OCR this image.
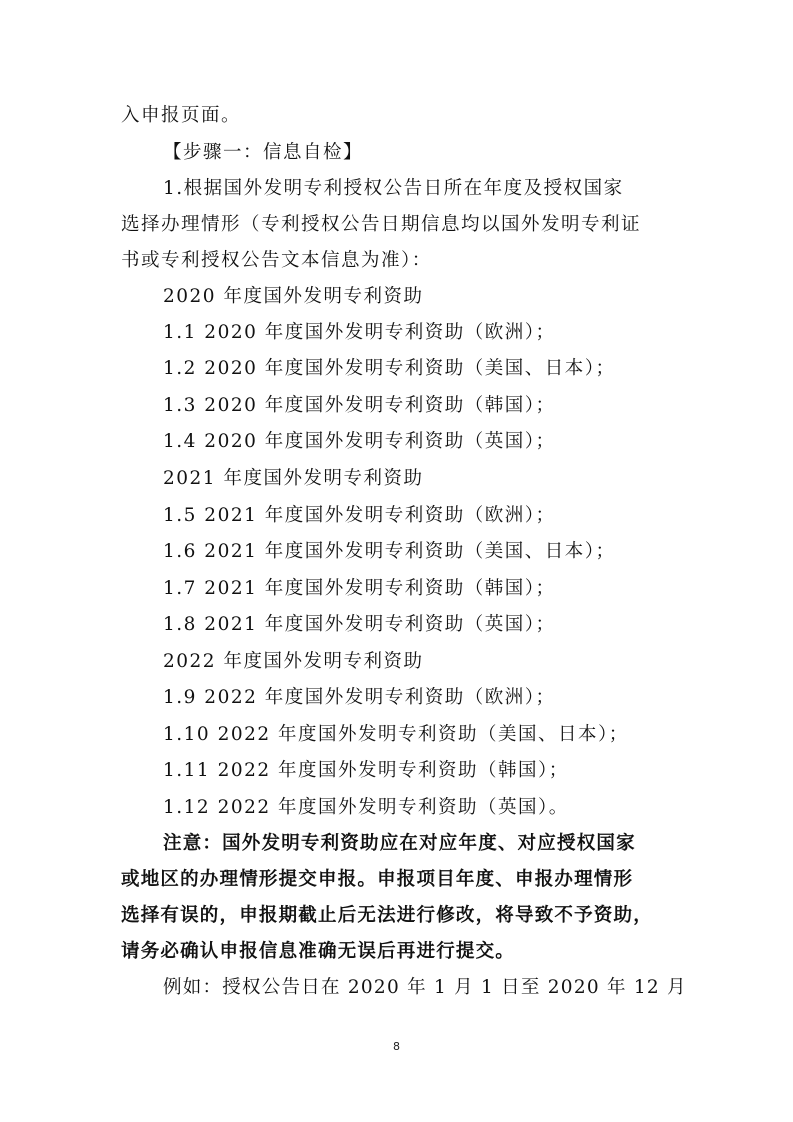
入申报页面。
【步骤一：信息自检】
1.根据国外发明专利授权公告日所在年度及授权国家
选择办理情形（专利授权公告日期信息均以国外发明专利证
书或专利授权公告文本信息为准）：
2020 年度国外发明专利资助
1.1 2020 年度国外发明专利资助（欧洲）；
1.2 2020 年度国外发明专利资助（美国、日本）；
1.3 2020 年度国外发明专利资助（韩国）；
1.4 2020 年度国外发明专利资助（英国）；
2021 年度国外发明专利资助
1.5 2021 年度国外发明专利资助（欧洲）；
1.6 2021 年度国外发明专利资助（美国、日本）；
1.7 2021 年度国外发明专利资助（韩国）；
1.8 2021 年度国外发明专利资助（英国）；
2022 年度国外发明专利资助
1.9 2022 年度国外发明专利资助（欧洲）；
1.10 2022 年度国外发明专利资助（美国、日本）；
1.11 2022 年度国外发明专利资助（韩国）；
1.12 2022 年度国外发明专利资助（英国）。
注意：国外发明专利资助应在对应年度、对应授权国家
或地区的办理情形提交申报。申报项目年度、申报办理情形
选择有误的，申报期截止后无法进行修改，将导致不予资助，
请务必确认申报信息准确无误后再进行提交。
例如：授权公告日在 2020 年 1 月 1 日至 2020 年 12 月
8
